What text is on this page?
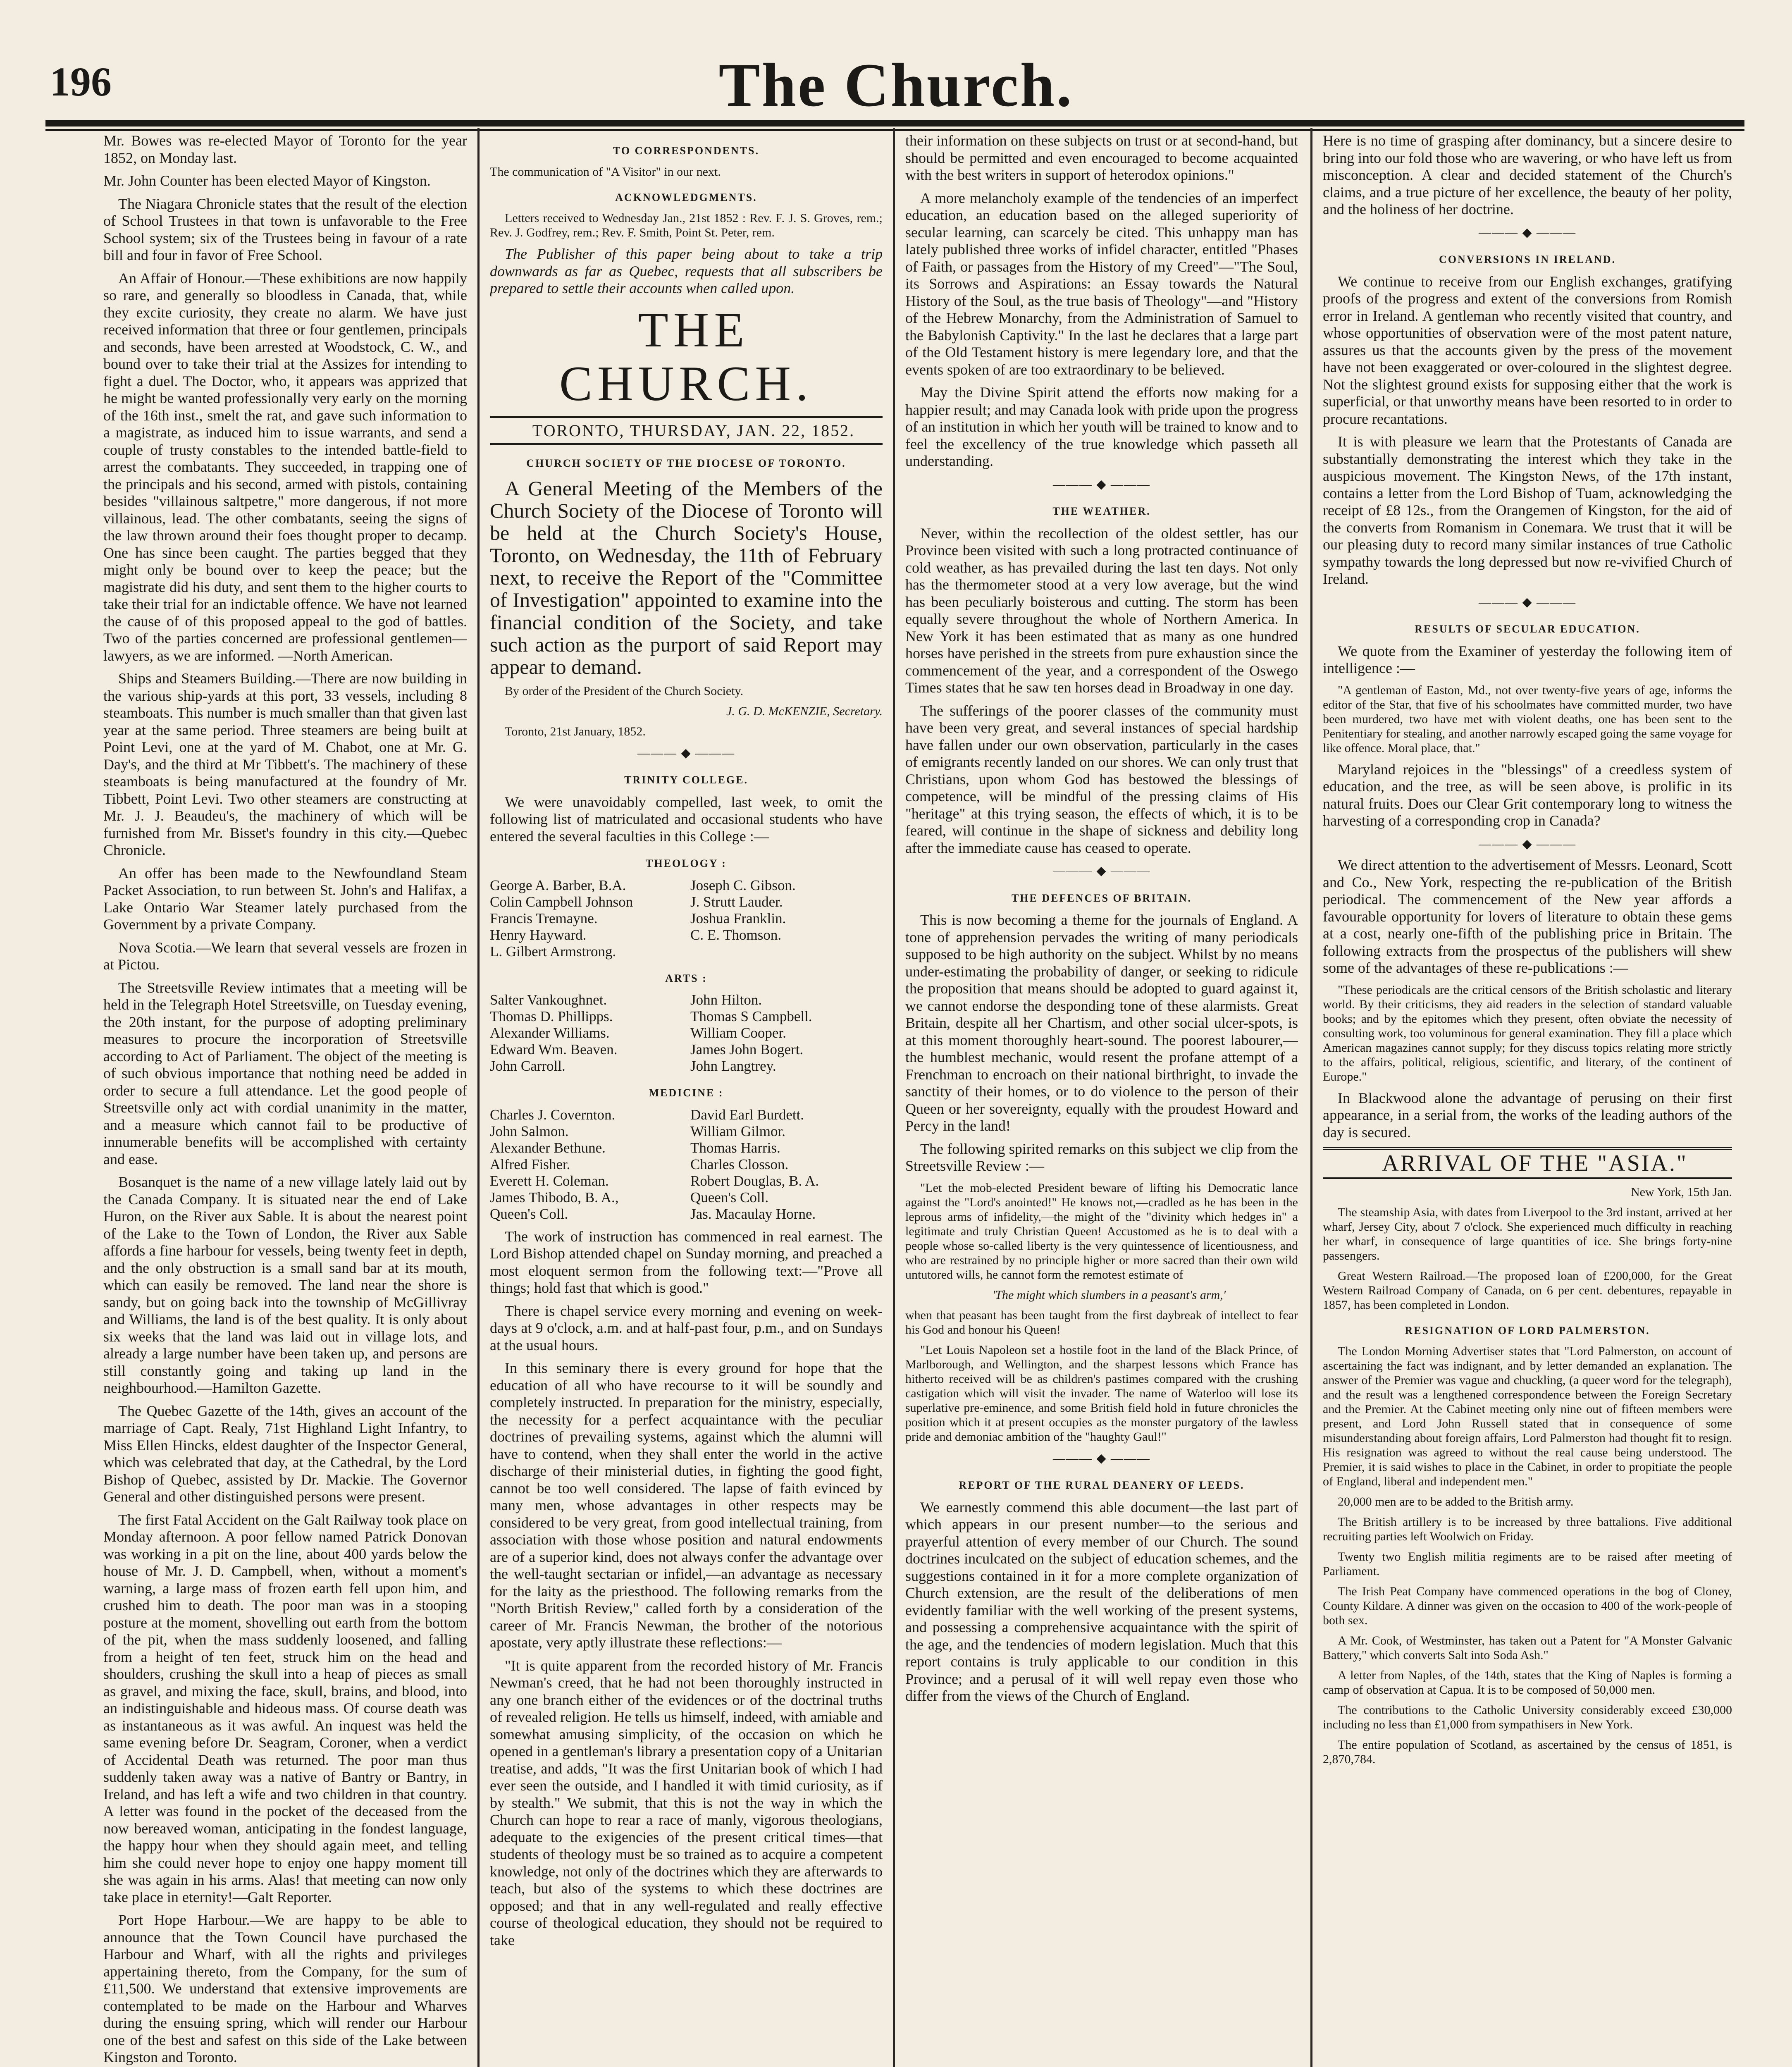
196	The Church.

Mr. Bowes was re-elected Mayor of Toronto for the year 1852, on Monday last.

Mr. John Counter has been elected Mayor of Kingston.

The Niagara Chronicle states that the result of the election of School Trustees in that town is unfavorable to the Free School system; six of the Trustees being in favour of a rate bill and four in favor of Free School.

An Affair of Honour.—These exhibitions are now happily so rare, and generally so bloodless in Canada, that, while they excite curiosity, they create no alarm. We have just received information that three or four gentlemen, principals and seconds, have been arrested at Woodstock, C. W., and bound over to take their trial at the Assizes for intending to fight a duel. The Doctor, who, it appears was apprized that he might be wanted professionally very early on the morning of the 16th inst., smelt the rat, and gave such information to a magistrate, as induced him to issue warrants, and send a couple of trusty constables to the intended battle-field to arrest the combatants. They succeeded, in trapping one of the principals and his second, armed with pistols, containing besides "villainous saltpetre," more dangerous, if not more villainous, lead. The other combatants, seeing the signs of the law thrown around their foes thought proper to decamp. One has since been caught. The parties begged that they might only be bound over to keep the peace; but the magistrate did his duty, and sent them to the higher courts to take their trial for an indictable offence. We have not learned the cause of of this proposed appeal to the god of battles. Two of the parties concerned are professional gentlemen—lawyers, as we are informed. —North American.

Ships and Steamers Building.—There are now building in the various ship-yards at this port, 33 vessels, including 8 steamboats. This number is much smaller than that given last year at the same period. Three steamers are being built at Point Levi, one at the yard of M. Chabot, one at Mr. G. Day's, and the third at Mr Tibbett's. The machinery of these steamboats is being manufactured at the foundry of Mr. Tibbett, Point Levi. Two other steamers are constructing at Mr. J. J. Beaudeu's, the machinery of which will be furnished from Mr. Bisset's foundry in this city.—Quebec Chronicle.

An offer has been made to the Newfoundland Steam Packet Association, to run between St. John's and Halifax, a Lake Ontario War Steamer lately purchased from the Government by a private Company.

Nova Scotia.—We learn that several vessels are frozen in at Pictou.

The Streetsville Review intimates that a meeting will be held in the Telegraph Hotel Streetsville, on Tuesday evening, the 20th instant, for the purpose of adopting preliminary measures to procure the incorporation of Streetsville according to Act of Parliament. The object of the meeting is of such obvious importance that nothing need be added in order to secure a full attendance. Let the good people of Streetsville only act with cordial unanimity in the matter, and a measure which cannot fail to be productive of innumerable benefits will be accomplished with certainty and ease.

Bosanquet is the name of a new village lately laid out by the Canada Company. It is situated near the end of Lake Huron, on the River aux Sable. It is about the nearest point of the Lake to the Town of London, the River aux Sable affords a fine harbour for vessels, being twenty feet in depth, and the only obstruction is a small sand bar at its mouth, which can easily be removed. The land near the shore is sandy, but on going back into the township of McGillivray and Williams, the land is of the best quality. It is only about six weeks that the land was laid out in village lots, and already a large number have been taken up, and persons are still constantly going and taking up land in the neighbourhood.—Hamilton Gazette.

The Quebec Gazette of the 14th, gives an account of the marriage of Capt. Realy, 71st Highland Light Infantry, to Miss Ellen Hincks, eldest daughter of the Inspector General, which was celebrated that day, at the Cathedral, by the Lord Bishop of Quebec, assisted by Dr. Mackie. The Governor General and other distinguished persons were present.

The first Fatal Accident on the Galt Railway took place on Monday afternoon. A poor fellow named Patrick Donovan was working in a pit on the line, about 400 yards below the house of Mr. J. D. Campbell, when, without a moment's warning, a large mass of frozen earth fell upon him, and crushed him to death. The poor man was in a stooping posture at the moment, shovelling out earth from the bottom of the pit, when the mass suddenly loosened, and falling from a height of ten feet, struck him on the head and shoulders, crushing the skull into a heap of pieces as small as gravel, and mixing the face, skull, brains, and blood, into an indistinguishable and hideous mass. Of course death was as instantaneous as it was awful. An inquest was held the same evening before Dr. Seagram, Coroner, when a verdict of Accidental Death was returned. The poor man thus suddenly taken away was a native of Bantry or Bantry, in Ireland, and has left a wife and two children in that country. A letter was found in the pocket of the deceased from the now bereaved woman, anticipating in the fondest language, the happy hour when they should again meet, and telling him she could never hope to enjoy one happy moment till she was again in his arms. Alas! that meeting can now only take place in eternity!—Galt Reporter.

Port Hope Harbour.—We are happy to be able to announce that the Town Council have purchased the Harbour and Wharf, with all the rights and privileges appertaining thereto, from the Company, for the sum of £11,500. We understand that extensive improvements are contemplated to be made on the Harbour and Wharves during the ensuing spring, which will render our Harbour one of the best and safest on this side of the Lake between Kingston and Toronto.

TO CORRESPONDENTS.

The communication of "A Visitor" in our next.

ACKNOWLEDGMENTS.

Letters received to Wednesday Jan., 21st 1852 : Rev. F. J. S. Groves, rem.; Rev. J. Godfrey, rem.; Rev. F. Smith, Point St. Peter, rem.

The Publisher of this paper being about to take a trip downwards as far as Quebec, requests that all subscribers be prepared to settle their accounts when called upon.

THE CHURCH.

TORONTO, THURSDAY, JAN. 22, 1852.

CHURCH SOCIETY OF THE DIOCESE OF TORONTO.

A General Meeting of the Members of the Church Society of the Diocese of Toronto will be held at the Church Society's House, Toronto, on Wednesday, the 11th of February next, to receive the Report of the "Committee of Investigation" appointed to examine into the financial condition of the Society, and take such action as the purport of said Report may appear to demand.

By order of the President of the Church Society.

J. G. D. McKENZIE, Secretary.

Toronto, 21st January, 1852.

——— ◆ ———

TRINITY COLLEGE.

We were unavoidably compelled, last week, to omit the following list of matriculated and occasional students who have entered the several faculties in this College :—

THEOLOGY :

George A. Barber, B.A.	Joseph C. Gibson.
Colin Campbell Johnson	J. Strutt Lauder.
Francis Tremayne.	Joshua Franklin.
Henry Hayward.	C. E. Thomson.
L. Gilbert Armstrong.

ARTS :

Salter Vankoughnet.	John Hilton.
Thomas D. Phillipps.	Thomas S Campbell.
Alexander Williams.	William Cooper.
Edward Wm. Beaven.	James John Bogert.
John Carroll.	John Langtrey.

MEDICINE :

Charles J. Covernton.	David Earl Burdett.
John Salmon.	William Gilmor.
Alexander Bethune.	Thomas Harris.
Alfred Fisher.	Charles Closson.
Everett H. Coleman.	Robert Douglas, B. A.
James Thibodo, B. A.,	Queen's Coll.
Queen's Coll.	Jas. Macaulay Horne.

The work of instruction has commenced in real earnest. The Lord Bishop attended chapel on Sunday morning, and preached a most eloquent sermon from the following text:—"Prove all things; hold fast that which is good."

There is chapel service every morning and evening on week-days at 9 o'clock, a.m. and at half-past four, p.m., and on Sundays at the usual hours.

In this seminary there is every ground for hope that the education of all who have recourse to it will be soundly and completely instructed. In preparation for the ministry, especially, the necessity for a perfect acquaintance with the peculiar doctrines of prevailing systems, against which the alumni will have to contend, when they shall enter the world in the active discharge of their ministerial duties, in fighting the good fight, cannot be too well considered. The lapse of faith evinced by many men, whose advantages in other respects may be considered to be very great, from good intellectual training, from association with those whose position and natural endowments are of a superior kind, does not always confer the advantage over the well-taught sectarian or infidel,—an advantage as necessary for the laity as the priesthood. The following remarks from the "North British Review," called forth by a consideration of the career of Mr. Francis Newman, the brother of the notorious apostate, very aptly illustrate these reflections:—

"It is quite apparent from the recorded history of Mr. Francis Newman's creed, that he had not been thoroughly instructed in any one branch either of the evidences or of the doctrinal truths of revealed religion. He tells us himself, indeed, with amiable and somewhat amusing simplicity, of the occasion on which he opened in a gentleman's library a presentation copy of a Unitarian treatise, and adds, "It was the first Unitarian book of which I had ever seen the outside, and I handled it with timid curiosity, as if by stealth." We submit, that this is not the way in which the Church can hope to rear a race of manly, vigorous theologians, adequate to the exigencies of the present critical times—that students of theology must be so trained as to acquire a competent knowledge, not only of the doctrines which they are afterwards to teach, but also of the systems to which these doctrines are opposed; and that in any well-regulated and really effective course of theological education, they should not be required to take

their information on these subjects on trust or at second-hand, but should be permitted and even encouraged to become acquainted with the best writers in support of heterodox opinions."

A more melancholy example of the tendencies of an imperfect education, an education based on the alleged superiority of secular learning, can scarcely be cited. This unhappy man has lately published three works of infidel character, entitled "Phases of Faith, or passages from the History of my Creed"—"The Soul, its Sorrows and Aspirations: an Essay towards the Natural History of the Soul, as the true basis of Theology"—and "History of the Hebrew Monarchy, from the Administration of Samuel to the Babylonish Captivity." In the last he declares that a large part of the Old Testament history is mere legendary lore, and that the events spoken of are too extraordinary to be believed.

May the Divine Spirit attend the efforts now making for a happier result; and may Canada look with pride upon the progress of an institution in which her youth will be trained to know and to feel the excellency of the true knowledge which passeth all understanding.

——— ◆ ———

THE WEATHER.

Never, within the recollection of the oldest settler, has our Province been visited with such a long protracted continuance of cold weather, as has prevailed during the last ten days. Not only has the thermometer stood at a very low average, but the wind has been peculiarly boisterous and cutting. The storm has been equally severe throughout the whole of Northern America. In New York it has been estimated that as many as one hundred horses have perished in the streets from pure exhaustion since the commencement of the year, and a correspondent of the Oswego Times states that he saw ten horses dead in Broadway in one day.

The sufferings of the poorer classes of the community must have been very great, and several instances of special hardship have fallen under our own observation, particularly in the cases of emigrants recently landed on our shores. We can only trust that Christians, upon whom God has bestowed the blessings of competence, will be mindful of the pressing claims of His "heritage" at this trying season, the effects of which, it is to be feared, will continue in the shape of sickness and debility long after the immediate cause has ceased to operate.

——— ◆ ———

THE DEFENCES OF BRITAIN.

This is now becoming a theme for the journals of England. A tone of apprehension pervades the writing of many periodicals supposed to be high authority on the subject. Whilst by no means under-estimating the probability of danger, or seeking to ridicule the proposition that means should be adopted to guard against it, we cannot endorse the desponding tone of these alarmists. Great Britain, despite all her Chartism, and other social ulcer-spots, is at this moment thoroughly heart-sound. The poorest labourer,—the humblest mechanic, would resent the profane attempt of a Frenchman to encroach on their national birthright, to invade the sanctity of their homes, or to do violence to the person of their Queen or her sovereignty, equally with the proudest Howard and Percy in the land!

The following spirited remarks on this subject we clip from the Streetsville Review :—

"Let the mob-elected President beware of lifting his Democratic lance against the "Lord's anointed!" He knows not,—cradled as he has been in the leprous arms of infidelity,—the might of the "divinity which hedges in" a legitimate and truly Christian Queen! Accustomed as he is to deal with a people whose so-called liberty is the very quintessence of licentiousness, and who are restrained by no principle higher or more sacred than their own wild untutored wills, he cannot form the remotest estimate of

'The might which slumbers in a peasant's arm,'

when that peasant has been taught from the first daybreak of intellect to fear his God and honour his Queen!

"Let Louis Napoleon set a hostile foot in the land of the Black Prince, of Marlborough, and Wellington, and the sharpest lessons which France has hitherto received will be as children's pastimes compared with the crushing castigation which will visit the invader. The name of Waterloo will lose its superlative pre-eminence, and some British field hold in future chronicles the position which it at present occupies as the monster purgatory of the lawless pride and demoniac ambition of the "haughty Gaul!"

——— ◆ ———

REPORT OF THE RURAL DEANERY OF LEEDS.

We earnestly commend this able document—the last part of which appears in our present number—to the serious and prayerful attention of every member of our Church. The sound doctrines inculcated on the subject of education schemes, and the suggestions contained in it for a more complete organization of Church extension, are the result of the deliberations of men evidently familiar with the well working of the present systems, and possessing a comprehensive acquaintance with the spirit of the age, and the tendencies of modern legislation. Much that this report contains is truly applicable to our condition in this Province; and a perusal of it will well repay even those who differ from the views of the Church of England.

Here is no time of grasping after dominancy, but a sincere desire to bring into our fold those who are wavering, or who have left us from misconception. A clear and decided statement of the Church's claims, and a true picture of her excellence, the beauty of her polity, and the holiness of her doctrine.

——— ◆ ———

CONVERSIONS IN IRELAND.

We continue to receive from our English exchanges, gratifying proofs of the progress and extent of the conversions from Romish error in Ireland. A gentleman who recently visited that country, and whose opportunities of observation were of the most patent nature, assures us that the accounts given by the press of the movement have not been exaggerated or over-coloured in the slightest degree. Not the slightest ground exists for supposing either that the work is superficial, or that unworthy means have been resorted to in order to procure recantations.

It is with pleasure we learn that the Protestants of Canada are substantially demonstrating the interest which they take in the auspicious movement. The Kingston News, of the 17th instant, contains a letter from the Lord Bishop of Tuam, acknowledging the receipt of £8 12s., from the Orangemen of Kingston, for the aid of the converts from Romanism in Conemara. We trust that it will be our pleasing duty to record many similar instances of true Catholic sympathy towards the long depressed but now re-vivified Church of Ireland.

——— ◆ ———

RESULTS OF SECULAR EDUCATION.

We quote from the Examiner of yesterday the following item of intelligence :—

"A gentleman of Easton, Md., not over twenty-five years of age, informs the editor of the Star, that five of his schoolmates have committed murder, two have been murdered, two have met with violent deaths, one has been sent to the Penitentiary for stealing, and another narrowly escaped going the same voyage for like offence. Moral place, that."

Maryland rejoices in the "blessings" of a creedless system of education, and the tree, as will be seen above, is prolific in its natural fruits. Does our Clear Grit contemporary long to witness the harvesting of a corresponding crop in Canada?

——— ◆ ———

We direct attention to the advertisement of Messrs. Leonard, Scott and Co., New York, respecting the re-publication of the British periodical. The commencement of the New year affords a favourable opportunity for lovers of literature to obtain these gems at a cost, nearly one-fifth of the publishing price in Britain. The following extracts from the prospectus of the publishers will shew some of the advantages of these re-publications :—

"These periodicals are the critical censors of the British scholastic and literary world. By their criticisms, they aid readers in the selection of standard valuable books; and by the epitomes which they present, often obviate the necessity of consulting work, too voluminous for general examination. They fill a place which American magazines cannot supply; for they discuss topics relating more strictly to the affairs, political, religious, scientific, and literary, of the continent of Europe."

In Blackwood alone the advantage of perusing on their first appearance, in a serial from, the works of the leading authors of the day is secured.

ARRIVAL OF THE "ASIA."

New York, 15th Jan.

The steamship Asia, with dates from Liverpool to the 3rd instant, arrived at her wharf, Jersey City, about 7 o'clock. She experienced much difficulty in reaching her wharf, in consequence of large quantities of ice. She brings forty-nine passengers.

Great Western Railroad.—The proposed loan of £200,000, for the Great Western Railroad Company of Canada, on 6 per cent. debentures, repayable in 1857, has been completed in London.

RESIGNATION OF LORD PALMERSTON.

The London Morning Advertiser states that "Lord Palmerston, on account of ascertaining the fact was indignant, and by letter demanded an explanation. The answer of the Premier was vague and chuckling, (a queer word for the telegraph), and the result was a lengthened correspondence between the Foreign Secretary and the Premier. At the Cabinet meeting only nine out of fifteen members were present, and Lord John Russell stated that in consequence of some misunderstanding about foreign affairs, Lord Palmerston had thought fit to resign. His resignation was agreed to without the real cause being understood. The Premier, it is said wishes to place in the Cabinet, in order to propitiate the people of England, liberal and independent men."

20,000 men are to be added to the British army.

The British artillery is to be increased by three battalions. Five additional recruiting parties left Woolwich on Friday.

Twenty two English militia regiments are to be raised after meeting of Parliament.

The Irish Peat Company have commenced operations in the bog of Cloney, County Kildare. A dinner was given on the occasion to 400 of the work-people of both sex.

A Mr. Cook, of Westminster, has taken out a Patent for "A Monster Galvanic Battery," which converts Salt into Soda Ash."

A letter from Naples, of the 14th, states that the King of Naples is forming a camp of observation at Capua. It is to be composed of 50,000 men.

The contributions to the Catholic University considerably exceed £30,000 including no less than £1,000 from sympathisers in New York.

The entire population of Scotland, as ascertained by the census of 1851, is 2,870,784.
